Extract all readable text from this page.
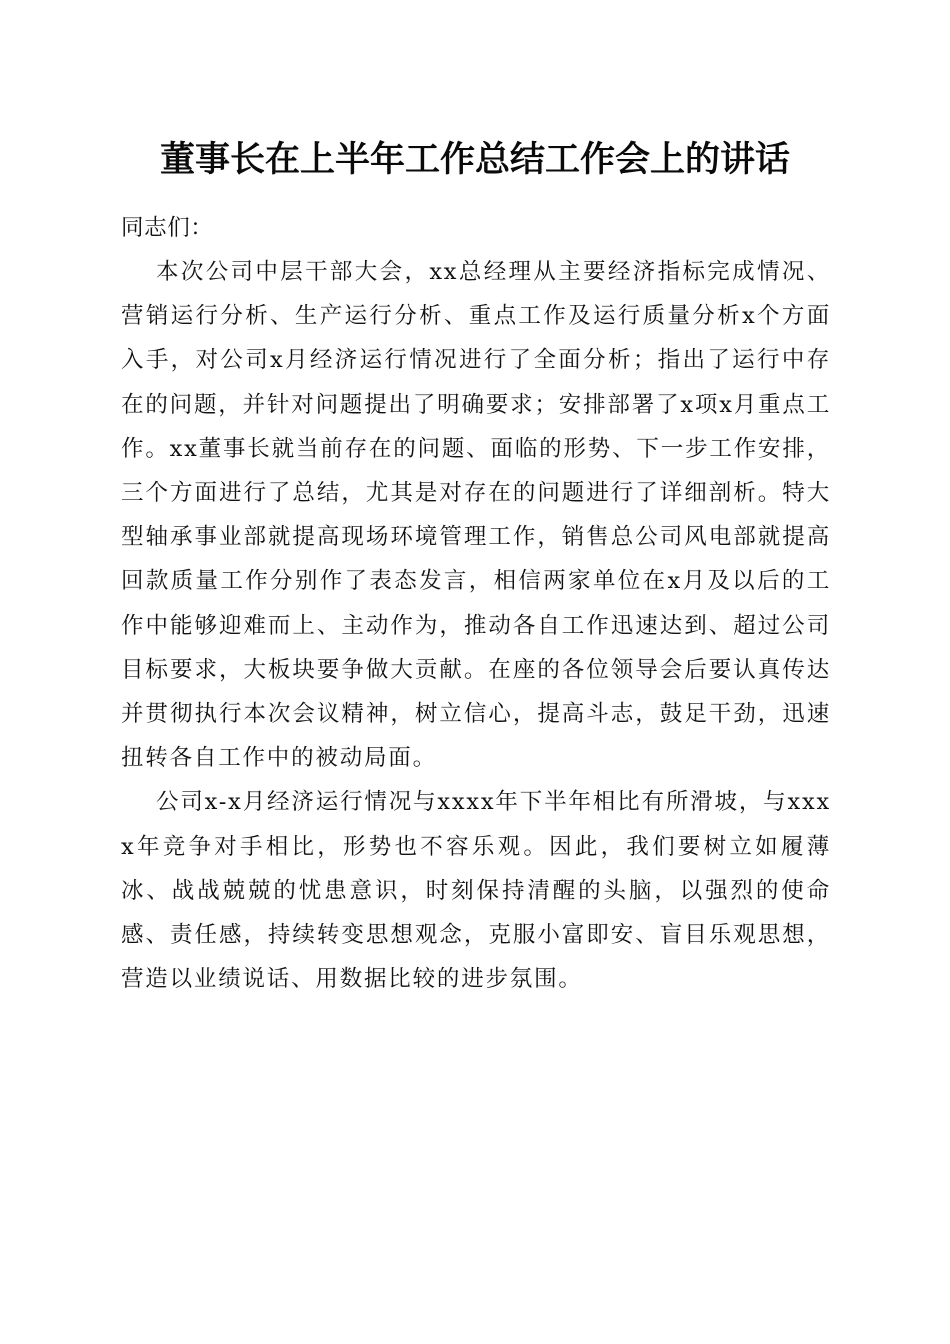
董事长在上半年工作总结工作会上的讲话

同志们：

本次公司中层干部大会，xx总经理从主要经济指标完成情况、营销运行分析、生产运行分析、重点工作及运行质量分析x个方面入手，对公司x月经济运行情况进行了全面分析；指出了运行中存在的问题，并针对问题提出了明确要求；安排部署了x项x月重点工作。xx董事长就当前存在的问题、面临的形势、下一步工作安排，三个方面进行了总结，尤其是对存在的问题进行了详细剖析。特大型轴承事业部就提高现场环境管理工作，销售总公司风电部就提高回款质量工作分别作了表态发言，相信两家单位在x月及以后的工作中能够迎难而上、主动作为，推动各自工作迅速达到、超过公司目标要求，大板块要争做大贡献。在座的各位领导会后要认真传达并贯彻执行本次会议精神，树立信心，提高斗志，鼓足干劲，迅速扭转各自工作中的被动局面。

公司x-x月经济运行情况与xxxx年下半年相比有所滑坡，与xxxx年竞争对手相比，形势也不容乐观。因此，我们要树立如履薄冰、战战兢兢的忧患意识，时刻保持清醒的头脑，以强烈的使命感、责任感，持续转变思想观念，克服小富即安、盲目乐观思想，营造以业绩说话、用数据比较的进步氛围。
